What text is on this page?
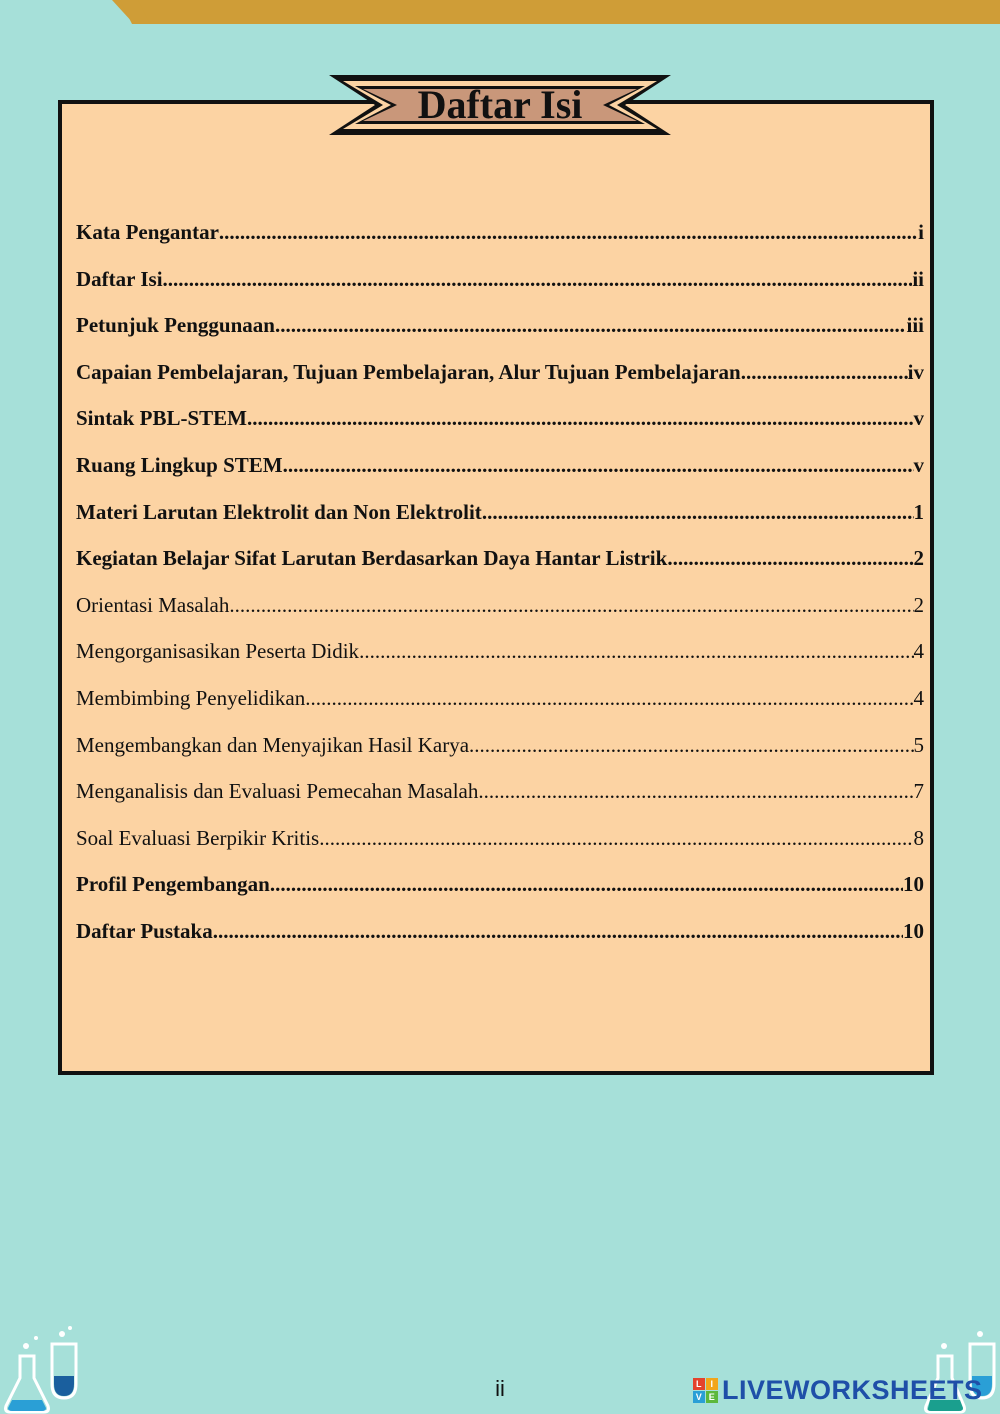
Daftar Isi
Kata Pengantar .....	i
Daftar Isi .....	ii
Petunjuk Penggunaan .....	iii
Capaian Pembelajaran, Tujuan Pembelajaran, Alur Tujuan Pembelajaran .....	iv
Sintak PBL-STEM .....	v
Ruang Lingkup STEM .....	v
Materi Larutan Elektrolit dan Non Elektrolit .....	1
Kegiatan Belajar Sifat Larutan Berdasarkan Daya Hantar Listrik .....	2
Orientasi Masalah .....	2
Mengorganisasikan Peserta Didik .....	4
Membimbing Penyelidikan .....	4
Mengembangkan dan Menyajikan Hasil Karya .....	5
Menganalisis dan Evaluasi Pemecahan Masalah .....	7
Soal Evaluasi Berpikir Kritis .....	8
Profil Pengembangan .....	10
Daftar Pustaka .....	10
ii	L I
V E LIVEWORKSHEETS
